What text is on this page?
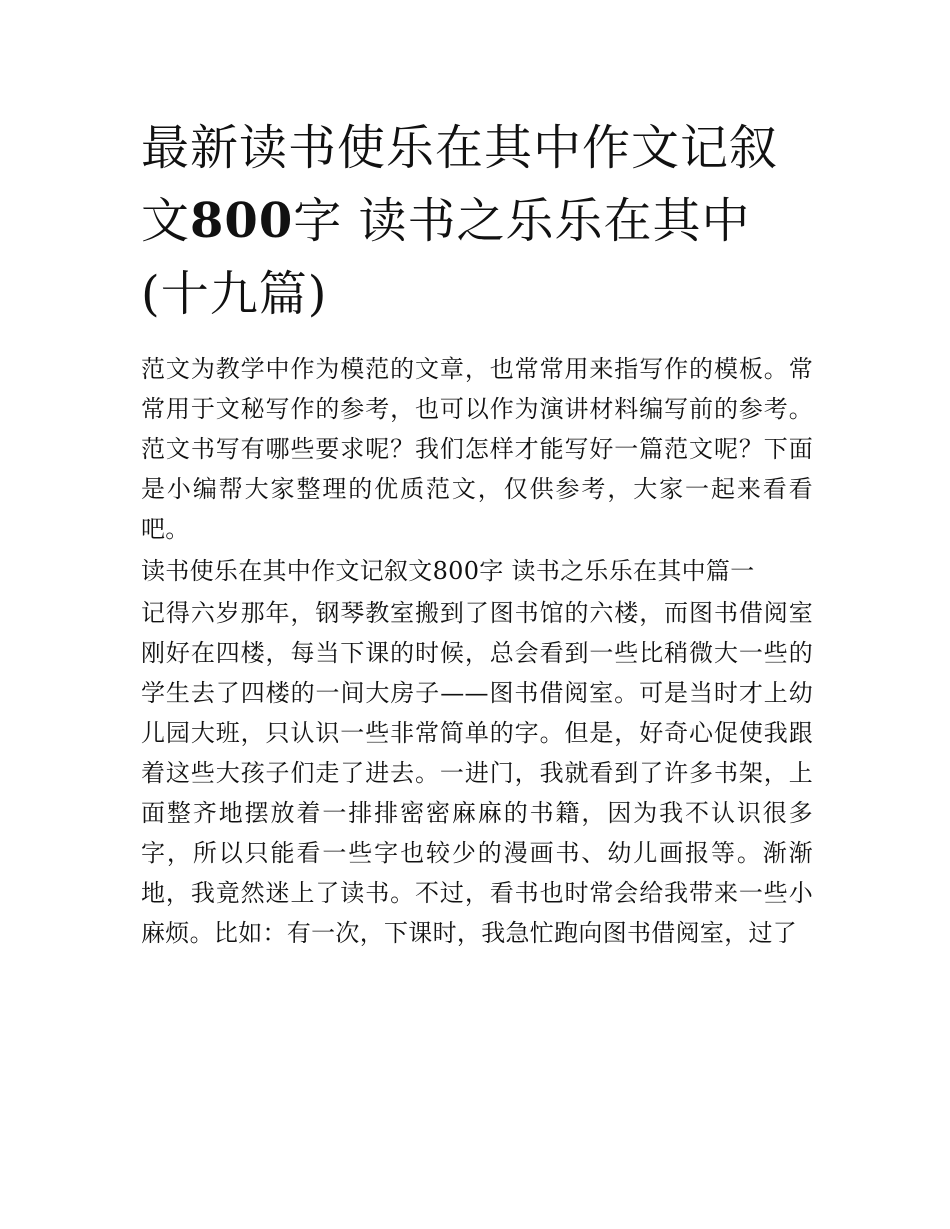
最新读书使乐在其中作文记叙文800字 读书之乐乐在其中(十九篇)

范文为教学中作为模范的文章，也常常用来指写作的模板。常常用于文秘写作的参考，也可以作为演讲材料编写前的参考。范文书写有哪些要求呢？我们怎样才能写好一篇范文呢？下面是小编帮大家整理的优质范文，仅供参考，大家一起来看看吧。

读书使乐在其中作文记叙文800字 读书之乐乐在其中篇一

记得六岁那年，钢琴教室搬到了图书馆的六楼，而图书借阅室刚好在四楼，每当下课的时候，总会看到一些比稍微大一些的学生去了四楼的一间大房子——图书借阅室。可是当时才上幼儿园大班，只认识一些非常简单的字。但是，好奇心促使我跟着这些大孩子们走了进去。一进门，我就看到了许多书架，上面整齐地摆放着一排排密密麻麻的书籍，因为我不认识很多字，所以只能看一些字也较少的漫画书、幼儿画报等。渐渐地，我竟然迷上了读书。不过，看书也时常会给我带来一些小麻烦。比如：有一次，下课时，我急忙跑向图书借阅室，过了
